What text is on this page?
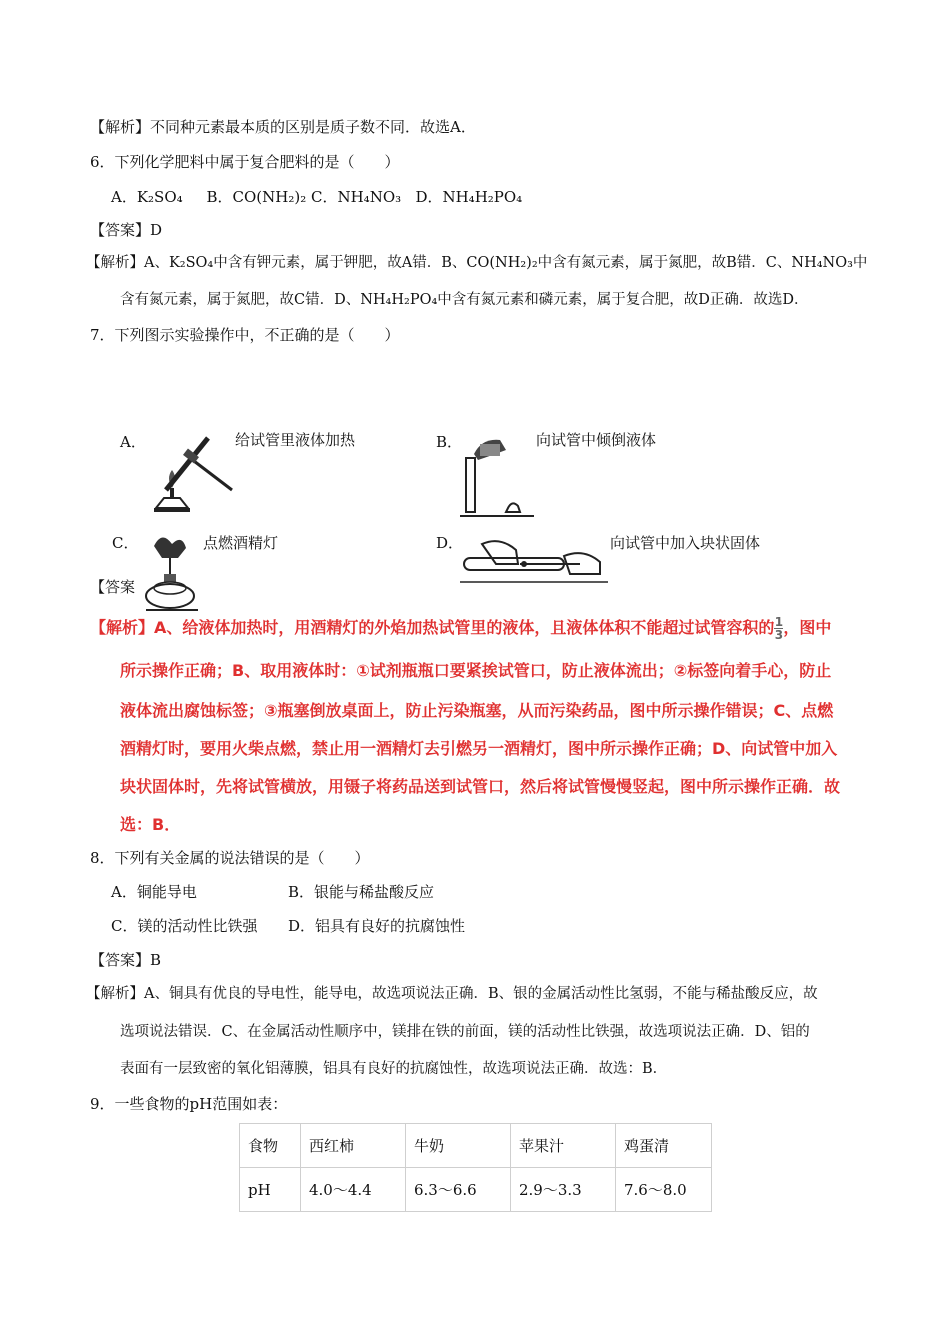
【解析】不同种元素最本质的区别是质子数不同．故选A．
6．下列化学肥料中属于复合肥料的是（　　）
A．K₂SO₄ B．CO(NH₂)₂ C．NH₄NO₃ D．NH₄H₂PO₄
【答案】D
【解析】A、K₂SO₄中含有钾元素，属于钾肥，故A错．B、CO(NH₂)₂中含有氮元素，属于氮肥，故B错．C、NH₄NO₃中
含有氮元素，属于氮肥，故C错．D、NH₄H₂PO₄中含有氮元素和磷元素，属于复合肥，故D正确．故选D．
7．下列图示实验操作中，不正确的是（　　）
A．	给试管里液体加热	B．	向试管中倾倒液体
C．	点燃酒精灯	D．	向试管中加入块状固体
【答案
【解析】A、给液体加热时，用酒精灯的外焰加热试管里的液体，且液体体积不能超过试管容积的 $\frac{1}{3}$ ，图中
所示操作正确；B、取用液体时：①试剂瓶瓶口要紧挨试管口，防止液体流出；②标签向着手心，防止
液体流出腐蚀标签；③瓶塞倒放桌面上，防止污染瓶塞，从而污染药品，图中所示操作错误；C、点燃
酒精灯时，要用火柴点燃，禁止用一酒精灯去引燃另一酒精灯，图中所示操作正确；D、向试管中加入
块状固体时，先将试管横放，用镊子将药品送到试管口，然后将试管慢慢竖起，图中所示操作正确．故
选：B．
8．下列有关金属的说法错误的是（　　）
A．铜能导电	B．银能与稀盐酸反应
C．镁的活动性比铁强 D．铝具有良好的抗腐蚀性
【答案】B
【解析】A、铜具有优良的导电性，能导电，故选项说法正确．B、银的金属活动性比氢弱，不能与稀盐酸反应，故
选项说法错误．C、在金属活动性顺序中，镁排在铁的前面，镁的活动性比铁强，故选项说法正确．D、铝的
表面有一层致密的氧化铝薄膜，铝具有良好的抗腐蚀性，故选项说法正确．故选：B．
9．一些食物的pH范围如表：
食物	西红柿	牛奶	苹果汁	鸡蛋清
pH	4.0～4.4	6.3～6.6	2.9～3.3	7.6～8.0
